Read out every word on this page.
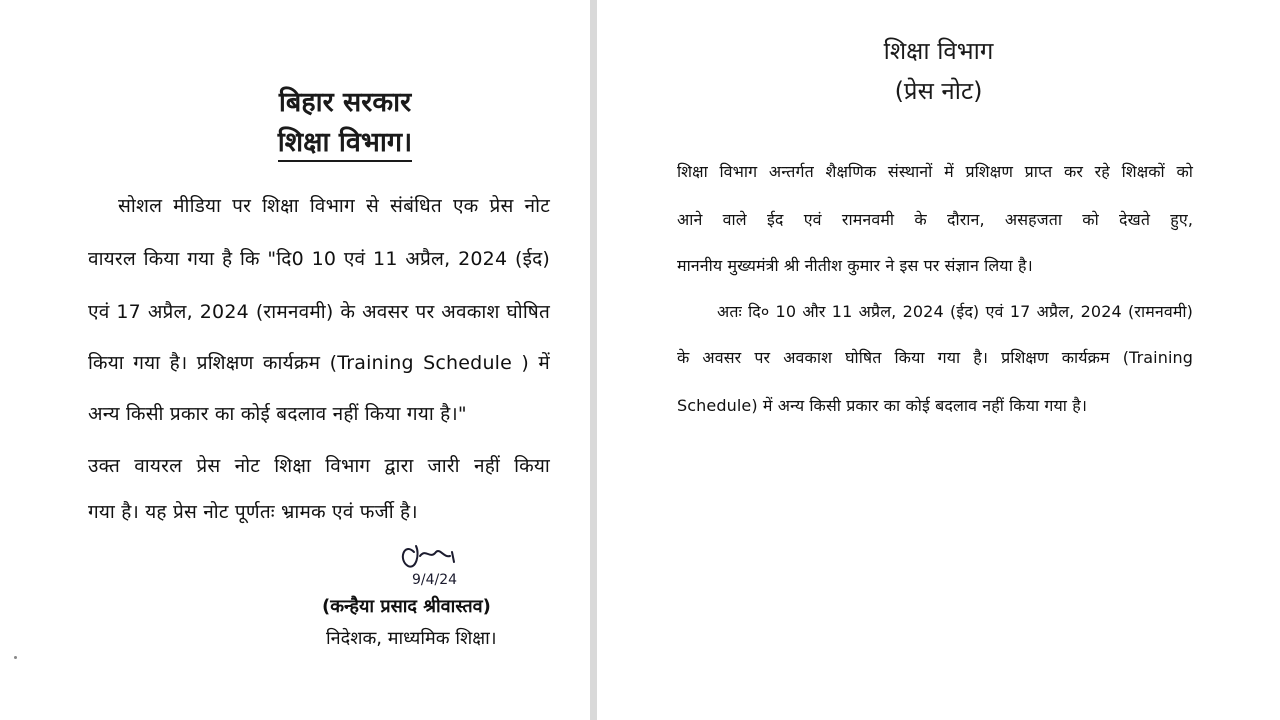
बिहार सरकार
शिक्षा विभाग।
सोशल मीडिया पर शिक्षा विभाग से संबंधित एक प्रेस नोट
वायरल किया गया है कि "दि0 10 एवं 11 अप्रैल, 2024 (ईद)
एवं 17 अप्रैल, 2024 (रामनवमी) के अवसर पर अवकाश घोषित
किया गया है। प्रशिक्षण कार्यक्रम (Training Schedule ) में
अन्य किसी प्रकार का कोई बदलाव नहीं किया गया है।"
उक्त वायरल प्रेस नोट शिक्षा विभाग द्वारा जारी नहीं किया
गया है। यह प्रेस नोट पूर्णतः भ्रामक एवं फर्जी है।
9/4/24
(कन्हैया प्रसाद श्रीवास्तव)
निदेशक, माध्यमिक शिक्षा।
शिक्षा विभाग
(प्रेस नोट)
शिक्षा विभाग अन्तर्गत शैक्षणिक संस्थानों में प्रशिक्षण प्राप्त कर रहे शिक्षकों को
आने वाले ईद एवं रामनवमी के दौरान, असहजता को देखते हुए,
माननीय मुख्यमंत्री श्री नीतीश कुमार ने इस पर संज्ञान लिया है।
अतः दि० 10 और 11 अप्रैल, 2024 (ईद) एवं 17 अप्रैल, 2024 (रामनवमी)
के अवसर पर अवकाश घोषित किया गया है। प्रशिक्षण कार्यक्रम (Training
Schedule) में अन्य किसी प्रकार का कोई बदलाव नहीं किया गया है।
